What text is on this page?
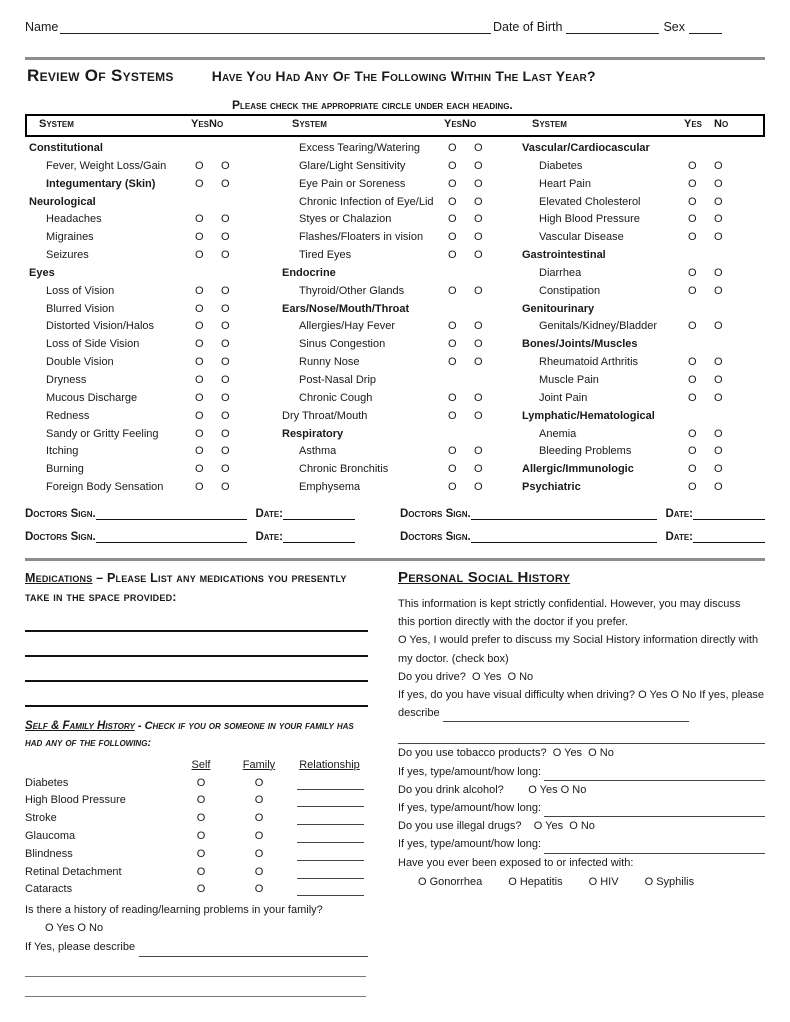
Name	Date of Birth	Sex
Review Of Systems	Have You Had Any Of The Following Within The Last Year?
Please check the appropriate circle under each heading.
System	YesNo	System	YesNo	System	Yes No
Constitutional
Fever, Weight Loss/Gain	O O
Integumentary (Skin)	O O
Neurological
Headaches	O O
Migraines	O O
Seizures	O O
Eyes
Loss of Vision	O O
Blurred Vision	O O
Distorted Vision/Halos	O O
Loss of Side Vision	O O
Double Vision	O O
Dryness	O O
Mucous Discharge	O O
Redness	O O
Sandy or Gritty Feeling	O O
Itching	O O
Burning	O O
Foreign Body Sensation	O O
Excess Tearing/Watering	O O
Glare/Light Sensitivity	O O
Eye Pain or Soreness	O O
Chronic Infection of Eye/Lid O O
Styes or Chalazion	O O
Flashes/Floaters in vision O O
Tired Eyes	O O
Endocrine
Thyroid/Other Glands	O O
Ears/Nose/Mouth/Throat
Allergies/Hay Fever	O O
Sinus Congestion	O O
Runny Nose	O O
Post-Nasal Drip
Chronic Cough	O O
Dry Throat/Mouth	O O
Respiratory
Asthma	O O
Chronic Bronchitis	O O
Emphysema	O O
Vascular/Cardiocascular
Diabetes	O O
Heart Pain	O O
Elevated Cholesterol	O O
High Blood Pressure	O O
Vascular Disease	O O
Gastrointestinal
Diarrhea	O O
Constipation	O O
Genitourinary
Genitals/Kidney/Bladder	O O
Bones/Joints/Muscles
Rheumatoid Arthritis	O O
Muscle Pain	O O
Joint Pain	O O
Lymphatic/Hematological
Anemia	O O
Bleeding Problems	O O
Allergic/Immunologic	O O
Psychiatric	O O
Doctors Sign.	Date:	Doctors Sign.	Date:
Doctors Sign.	Date:	Doctors Sign.	Date:
Medications – Please List any medications you presently take in the space provided:
Self & Family History - Check if you or someone in your family has had any of the following:
Self	Family	Relationship
Diabetes	O	O
High Blood Pressure	O	O
Stroke	O	O
Glaucoma	O	O
Blindness	O	O
Retinal Detachment	O	O
Cataracts	O	O
Is there a history of reading/learning problems in your family?
O Yes O No
If Yes, please describe
Personal Social History
This information is kept strictly confidential. However, you may discuss
this portion directly with the doctor if you prefer.
O Yes, I would prefer to discuss my Social History information directly with
my doctor. (check box)
Do you drive?  O Yes  O No
If yes, do you have visual difficulty when driving? O Yes O No If yes, please
describe
Do you use tobacco products?  O Yes  O No
If yes, type/amount/how long:
Do you drink alcohol?        O Yes O No
If yes, type/amount/how long:
Do you use illegal drugs?    O Yes  O No
If yes, type/amount/how long:
Have you ever been exposed to or infected with:
O Gonorrhea O Hepatitis O HIV O Syphilis
